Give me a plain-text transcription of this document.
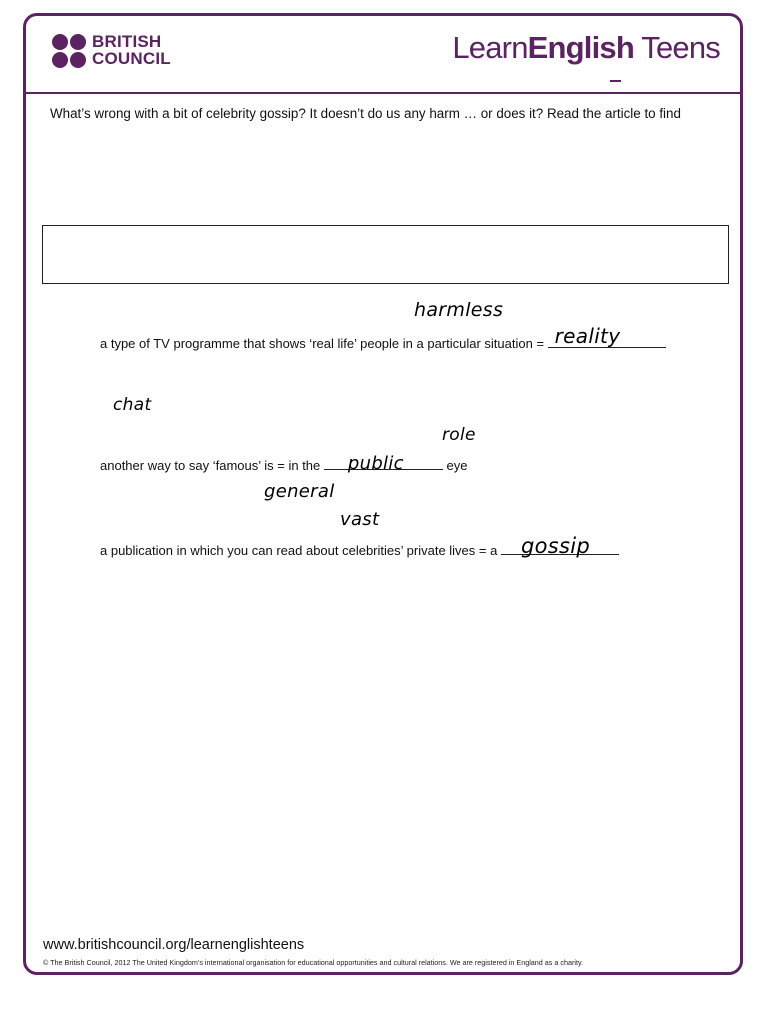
BRITISH
COUNCIL	LearnEnglish Teens
What’s wrong with a bit of celebrity gossip? It doesn’t do us any harm … or does it? Read the article to find
harmless
chat
role
general
vast
a type of TV programme that shows ‘real life’ people in a particular situation = reality
another way to say ‘famous’ is = in the public	eye
a publication in which you can read about celebrities’ private lives = a gossip
www.britishcouncil.org/learnenglishteens
© The British Council, 2012 The United Kingdom’s international organisation for educational opportunities and cultural relations. We are registered in England as a charity.
